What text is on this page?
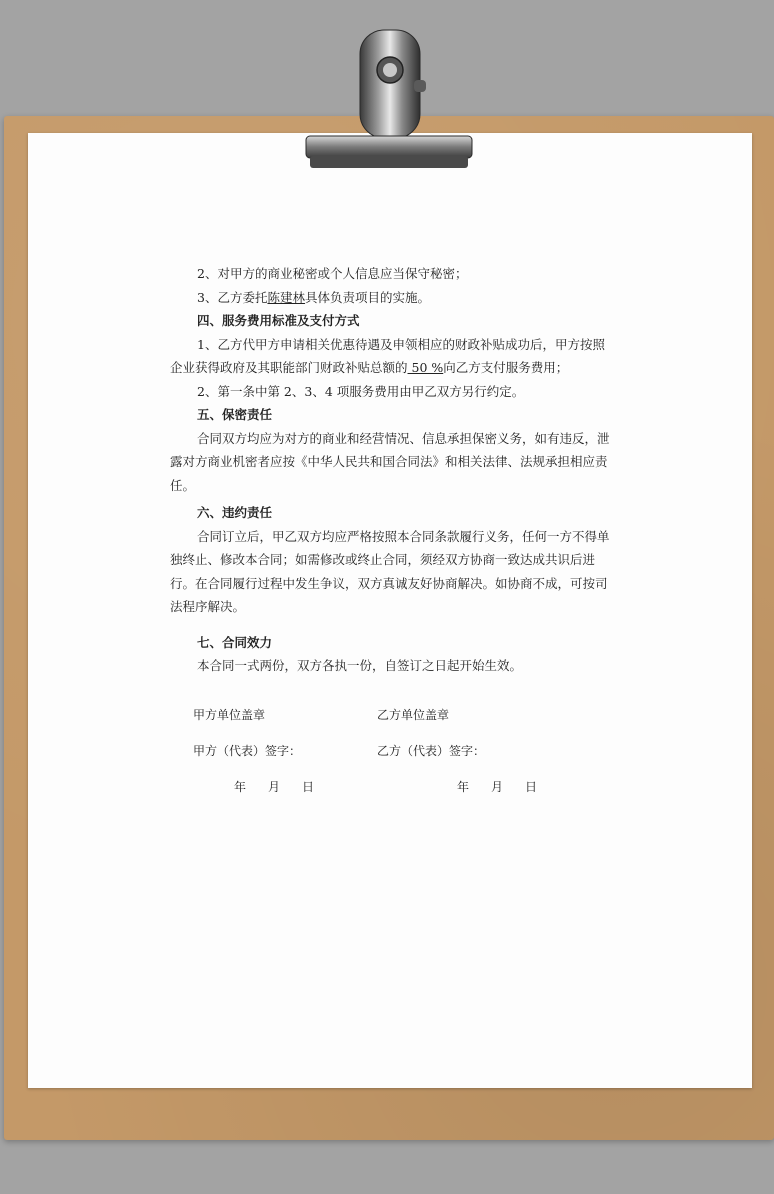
2、对甲方的商业秘密或个人信息应当保守秘密；

3、乙方委托陈建林具体负责项目的实施。

四、服务费用标准及支付方式

1、乙方代甲方申请相关优惠待遇及申领相应的财政补贴成功后，甲方按照企业获得政府及其职能部门财政补贴总额的 50 %向乙方支付服务费用；

2、第一条中第 2、3、4 项服务费用由甲乙双方另行约定。

五、保密责任

合同双方均应为对方的商业和经营情况、信息承担保密义务，如有违反，泄露对方商业机密者应按《中华人民共和国合同法》和相关法律、法规承担相应责任。

六、违约责任

合同订立后，甲乙双方均应严格按照本合同条款履行义务，任何一方不得单独终止、修改本合同；如需修改或终止合同，须经双方协商一致达成共识后进行。在合同履行过程中发生争议，双方真诚友好协商解决。如协商不成，可按司法程序解决。

七、合同效力

本合同一式两份，双方各执一份，自签订之日起开始生效。

甲方单位盖章	乙方单位盖章
甲方（代表）签字：	乙方（代表）签字：
年 月 日	年 月 日
